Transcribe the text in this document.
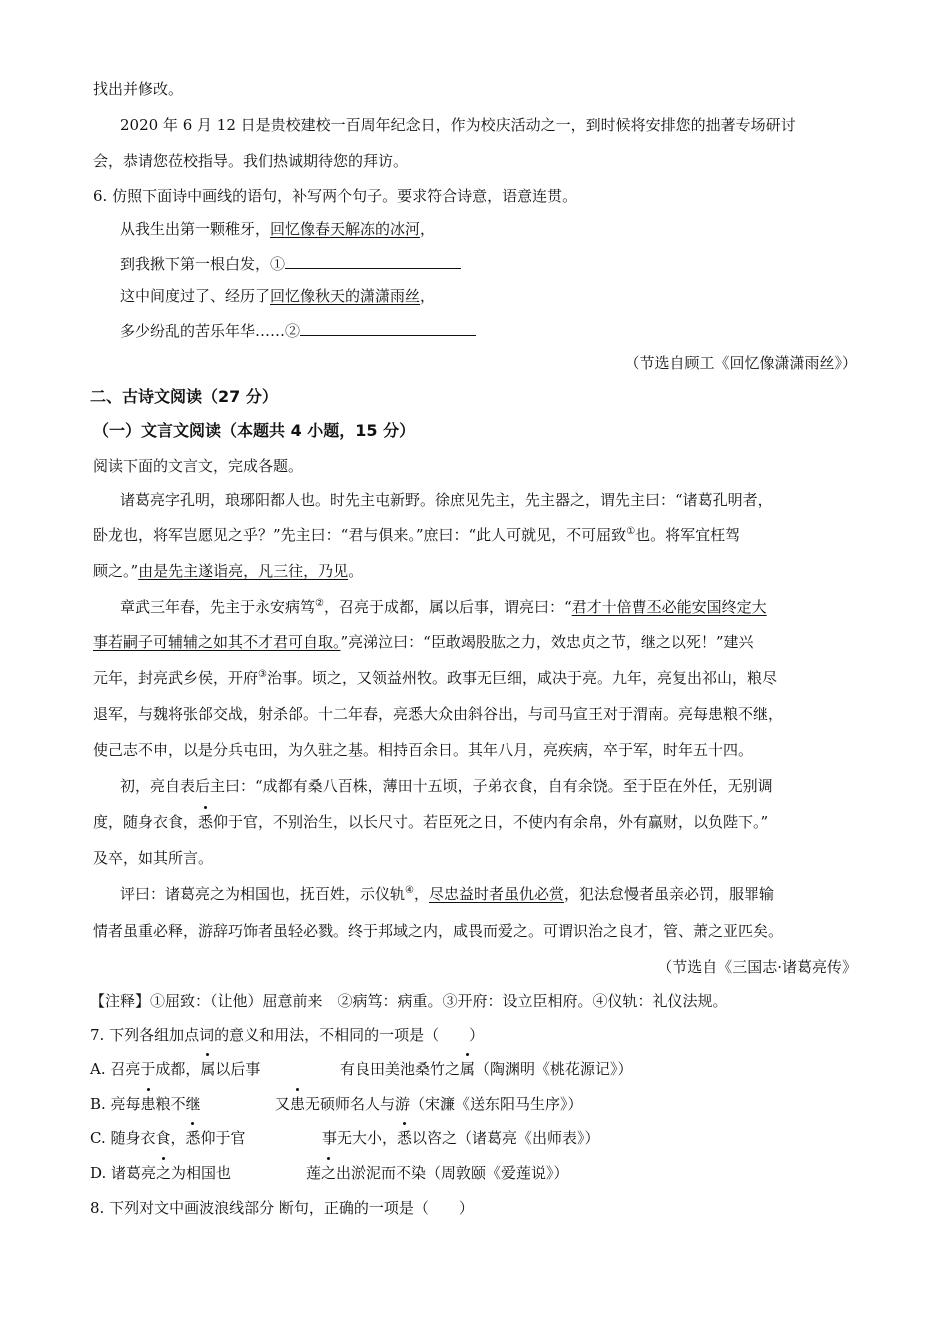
找出并修改。
2020 年 6 月 12 日是贵校建校一百周年纪念日，作为校庆活动之一，到时候将安排您的拙著专场研讨
会，恭请您莅校指导。我们热诚期待您的拜访。
6. 仿照下面诗中画线的语句，补写两个句子。要求符合诗意，语意连贯。
从我生出第一颗稚牙，回忆像春天解冻的冰河，
到我揪下第一根白发，①
这中间度过了、经历了回忆像秋天的潇潇雨丝，
多少纷乱的苦乐年华……②
（节选自顾工《回忆像潇潇雨丝》）
二、古诗文阅读（27 分）
（一）文言文阅读（本题共 4 小题，15 分）
阅读下面的文言文，完成各题。
诸葛亮字孔明，琅琊阳都人也。时先主屯新野。徐庶见先主，先主器之，谓先主曰：“诸葛孔明者，
卧龙也，将军岂愿见之乎？”先主曰：“君与俱来。”庶曰：“此人可就见，不可屈致①也。将军宜枉驾
顾之。”由是先主遂诣亮，凡三往，乃见。
章武三年春，先主于永安病笃②，召亮于成都，属以后事，谓亮曰：“君才十倍曹丕必能安国终定大
事若嗣子可辅辅之如其不才君可自取。”亮涕泣曰：“臣敢竭股肱之力，效忠贞之节，继之以死！”建兴
元年，封亮武乡侯，开府③治事。顷之，又领益州牧。政事无巨细，咸决于亮。九年，亮复出祁山，粮尽
退军，与魏将张郃交战，射杀郃。十二年春，亮悉大众由斜谷出，与司马宣王对于渭南。亮每患粮不继，
使己志不申，以是分兵屯田，为久驻之基。相持百余日。其年八月，亮疾病，卒于军，时年五十四。
初，亮自表后主曰：“成都有桑八百株，薄田十五顷，子弟衣食，自有余饶。至于臣在外任，无别调
度，随身衣食，悉仰于官，不别治生，以长尺寸。若臣死之日，不使内有余帛，外有赢财，以负陛下。”
及卒，如其所言。
评曰：诸葛亮之为相国也，抚百姓，示仪轨④，尽忠益时者虽仇必赏，犯法怠慢者虽亲必罚，服罪输
情者虽重必释，游辞巧饰者虽轻必戮。终于邦域之内，咸畏而爱之。可谓识治之良才，管、萧之亚匹矣。
（节选自《三国志·诸葛亮传》
【注释】①屈致：（让他）屈意前来　②病笃：病重。③开府：设立臣相府。④仪轨：礼仪法规。
7. 下列各组加点词的意义和用法，不相同的一项是（　　）
A. 召亮于成都，属以后事	有良田美池桑竹之属（陶渊明《桃花源记》）
B. 亮每患粮不继	又患无硕师名人与游（宋濂《送东阳马生序》）
C. 随身衣食，悉仰于官	事无大小，悉以咨之（诸葛亮《出师表》）
D. 诸葛亮之为相国也	莲之出淤泥而不染（周敦颐《爱莲说》）
8. 下列对文中画波浪线部分 断句，正确的一项是（　　）
